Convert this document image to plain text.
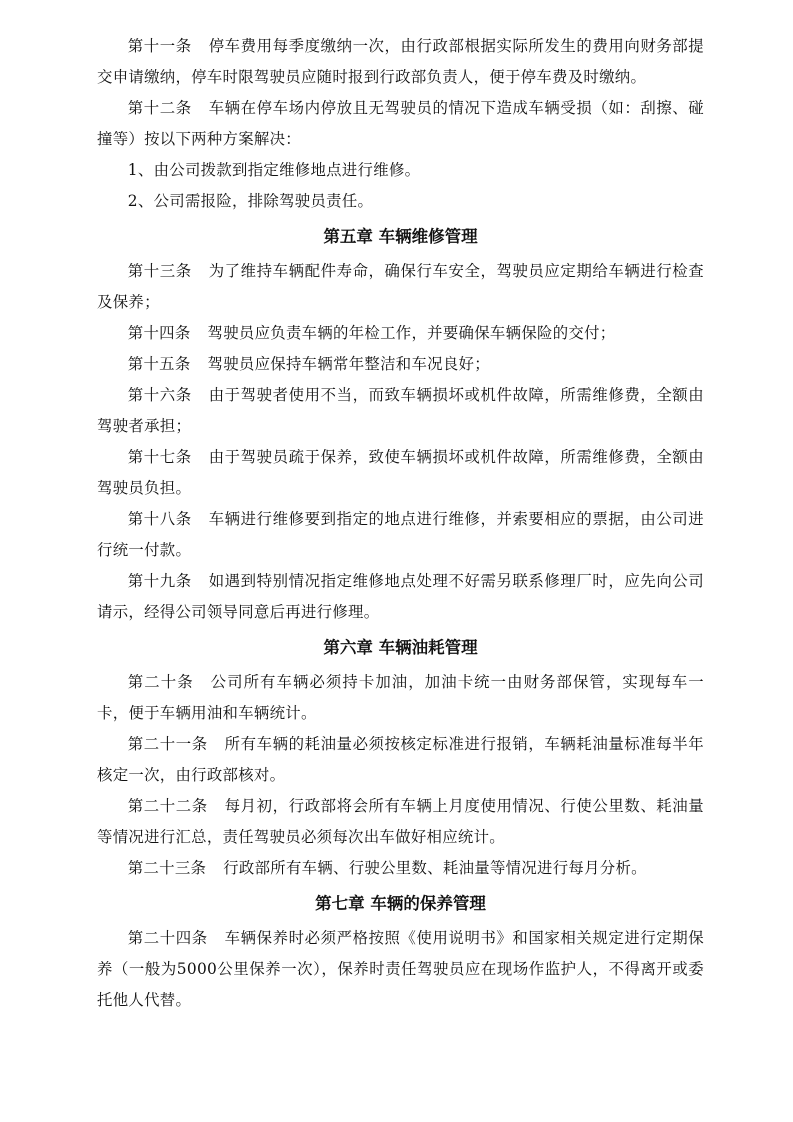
第十一条 停车费用每季度缴纳一次，由行政部根据实际所发生的费用向财务部提交申请缴纳，停车时限驾驶员应随时报到行政部负责人，便于停车费及时缴纳。

第十二条 车辆在停车场内停放且无驾驶员的情况下造成车辆受损（如：刮擦、碰撞等）按以下两种方案解决：

1、由公司拨款到指定维修地点进行维修。

2、公司需报险，排除驾驶员责任。

第五章 车辆维修管理

第十三条 为了维持车辆配件寿命，确保行车安全，驾驶员应定期给车辆进行检查及保养；

第十四条 驾驶员应负责车辆的年检工作，并要确保车辆保险的交付；

第十五条 驾驶员应保持车辆常年整洁和车况良好；

第十六条 由于驾驶者使用不当，而致车辆损坏或机件故障，所需维修费，全额由驾驶者承担；

第十七条 由于驾驶员疏于保养，致使车辆损坏或机件故障，所需维修费，全额由驾驶员负担。

第十八条 车辆进行维修要到指定的地点进行维修，并索要相应的票据，由公司进行统一付款。

第十九条 如遇到特别情况指定维修地点处理不好需另联系修理厂时，应先向公司请示，经得公司领导同意后再进行修理。

第六章 车辆油耗管理

第二十条 公司所有车辆必须持卡加油，加油卡统一由财务部保管，实现每车一卡，便于车辆用油和车辆统计。

第二十一条 所有车辆的耗油量必须按核定标准进行报销，车辆耗油量标准每半年核定一次，由行政部核对。

第二十二条 每月初，行政部将会所有车辆上月度使用情况、行使公里数、耗油量等情况进行汇总，责任驾驶员必须每次出车做好相应统计。

第二十三条 行政部所有车辆、行驶公里数、耗油量等情况进行每月分析。

第七章 车辆的保养管理

第二十四条 车辆保养时必须严格按照《使用说明书》和国家相关规定进行定期保养（一般为5000公里保养一次），保养时责任驾驶员应在现场作监护人，不得离开或委托他人代替。
